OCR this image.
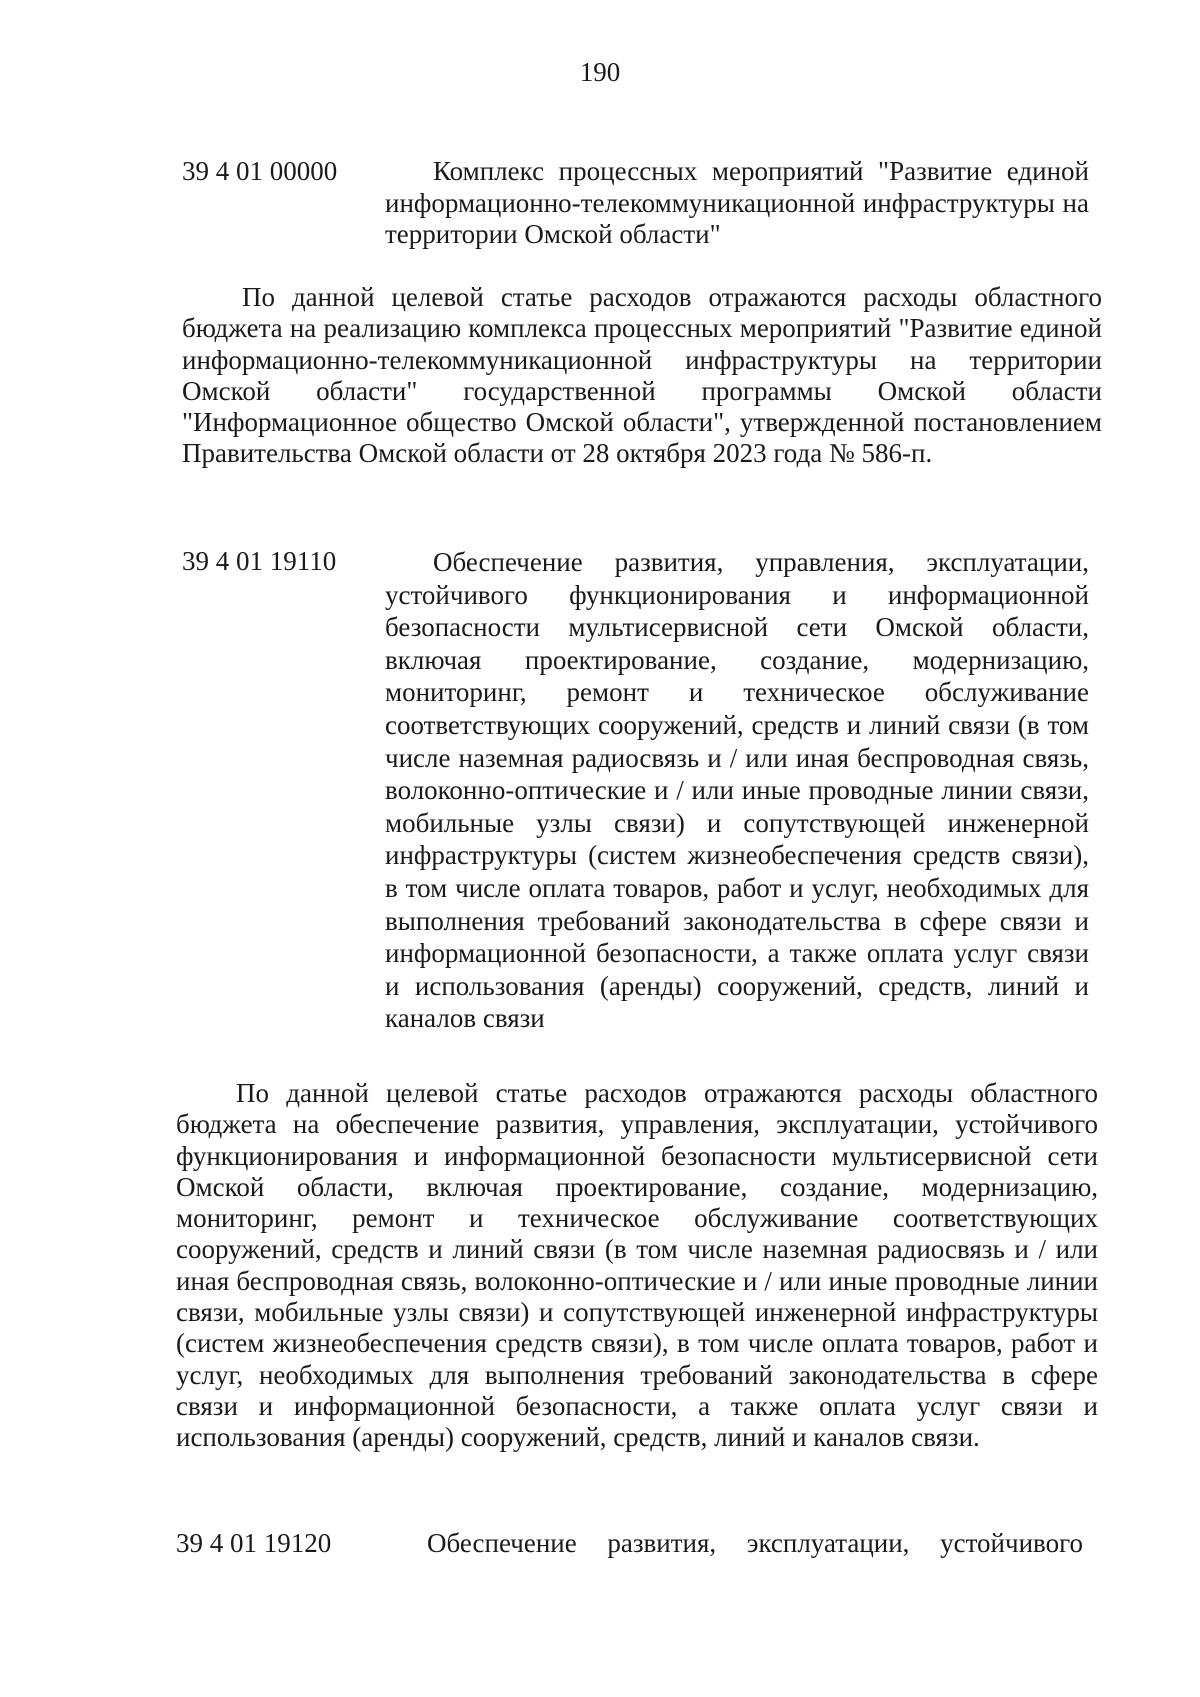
190
39 4 01 00000	Комплекс процессных мероприятий "Развитие единой информационно-телекоммуникационной инфраструктуры на территории Омской области"

По данной целевой статье расходов отражаются расходы областного бюджета на реализацию комплекса процессных мероприятий "Развитие единой информационно-телекоммуникационной инфраструктуры на территории Омской области" государственной программы Омской области "Информационное общество Омской области", утвержденной постановлением Правительства Омской области от 28 октября 2023 года № 586-п.

39 4 01 19110	Обеспечение развития, управления, эксплуатации, устойчивого функционирования и информационной безопасности мультисервисной сети Омской области, включая проектирование, создание, модернизацию, мониторинг, ремонт и техническое обслуживание соответствующих сооружений, средств и линий связи (в том числе наземная радиосвязь и / или иная беспроводная связь, волоконно-оптические и / или иные проводные линии связи, мобильные узлы связи) и сопутствующей инженерной инфраструктуры (систем жизнеобеспечения средств связи), в том числе оплата товаров, работ и услуг, необходимых для выполнения требований законодательства в сфере связи и информационной безопасности, а также оплата услуг связи и использования (аренды) сооружений, средств, линий и каналов связи

По данной целевой статье расходов отражаются расходы областного бюджета на обеспечение развития, управления, эксплуатации, устойчивого функционирования и информационной безопасности мультисервисной сети Омской области, включая проектирование, создание, модернизацию, мониторинг, ремонт и техническое обслуживание соответствующих сооружений, средств и линий связи (в том числе наземная радиосвязь и / или иная беспроводная связь, волоконно-оптические и / или иные проводные линии связи, мобильные узлы связи) и сопутствующей инженерной инфраструктуры (систем жизнеобеспечения средств связи), в том числе оплата товаров, работ и услуг, необходимых для выполнения требований законодательства в сфере связи и информационной безопасности, а также оплата услуг связи и использования (аренды) сооружений, средств, линий и каналов связи.

39 4 01 19120	Обеспечение развития, эксплуатации, устойчивого
